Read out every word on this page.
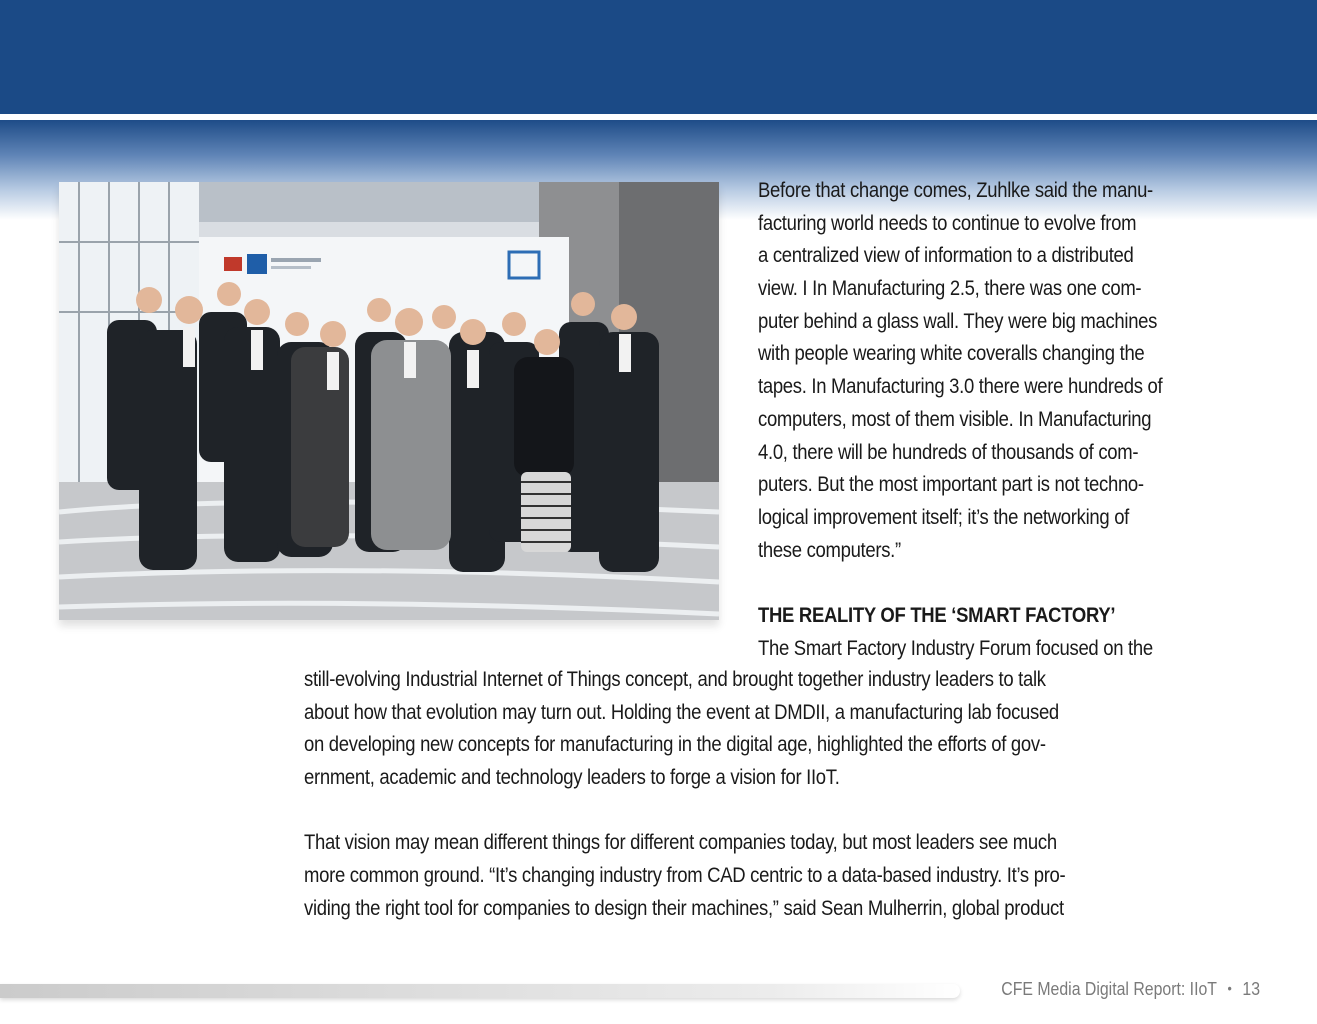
Before that change comes, Zuhlke said the manu-
facturing world needs to continue to evolve from
a centralized view of information to a distributed
view. I In Manufacturing 2.5, there was one com-
puter behind a glass wall. They were big machines
with people wearing white coveralls changing the
tapes. In Manufacturing 3.0 there were hundreds of
computers, most of them visible. In Manufacturing
4.0, there will be hundreds of thousands of com-
puters. But the most important part is not techno-
logical improvement itself; it’s the networking of
these computers.”
THE REALITY OF THE ‘SMART FACTORY’
The Smart Factory Industry Forum focused on the
still-evolving Industrial Internet of Things concept, and brought together industry leaders to talk
about how that evolution may turn out. Holding the event at DMDII, a manufacturing lab focused
on developing new concepts for manufacturing in the digital age, highlighted the efforts of gov-
ernment, academic and technology leaders to forge a vision for IIoT.
That vision may mean different things for different companies today, but most leaders see much
more common ground. “It’s changing industry from CAD centric to a data-based industry. It’s pro-
viding the right tool for companies to design their machines,” said Sean Mulherrin, global product
CFE Media Digital Report: IIoT • 13
